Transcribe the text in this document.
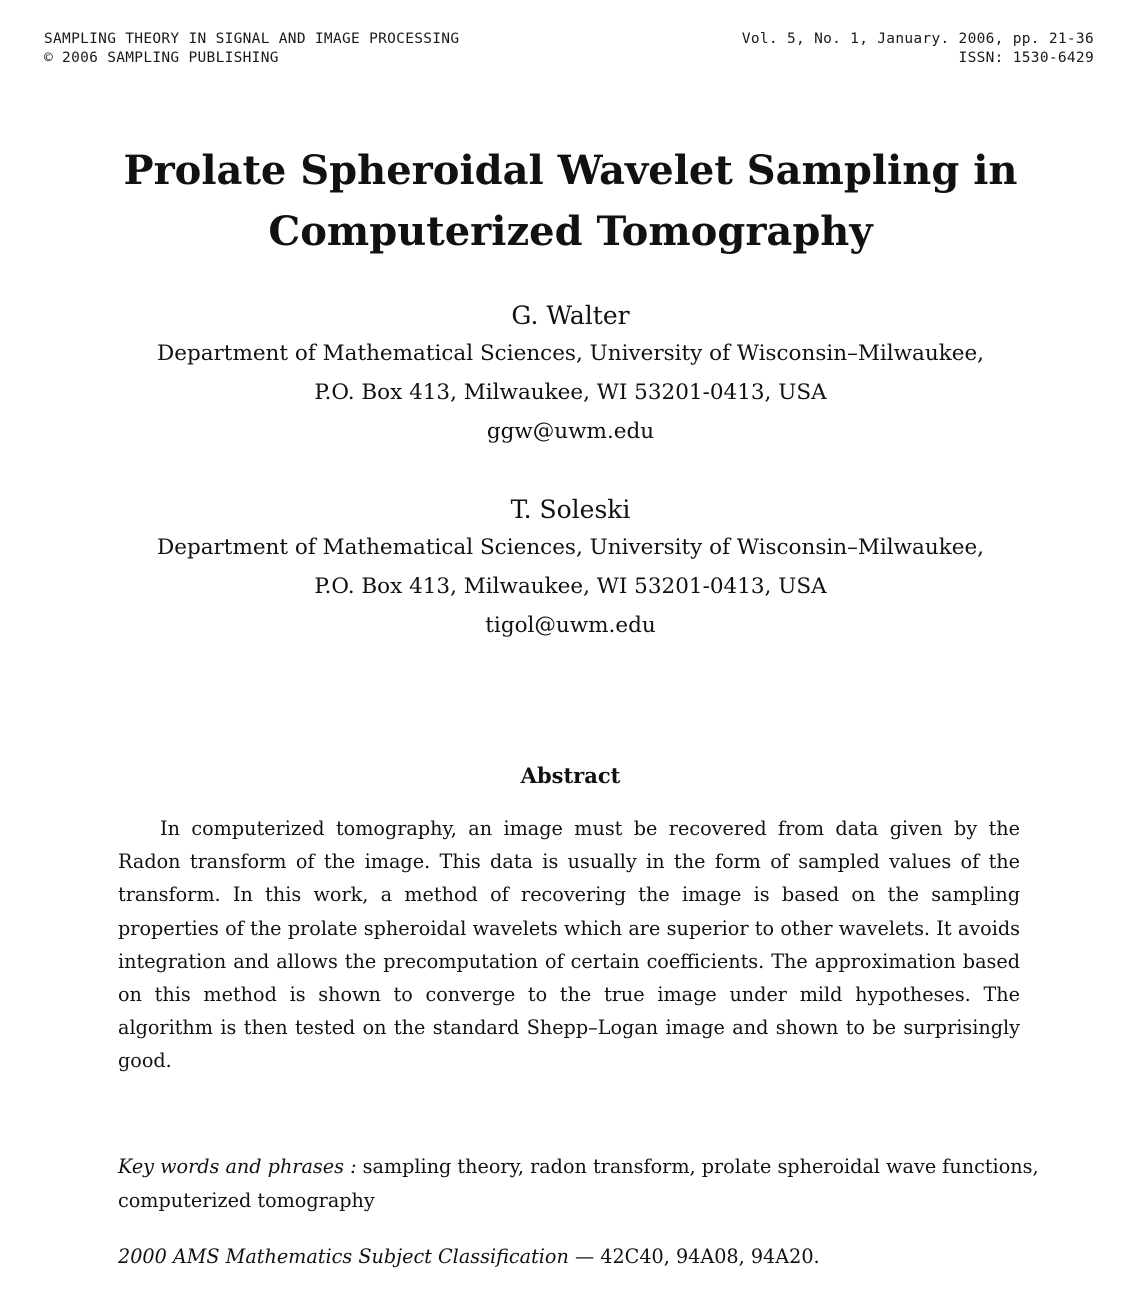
SAMPLING THEORY IN SIGNAL AND IMAGE PROCESSING	Vol. 5, No. 1, January. 2006, pp. 21-36
© 2006 SAMPLING PUBLISHING	ISSN: 1530-6429
Prolate Spheroidal Wavelet Sampling in
Computerized Tomography
G. Walter
Department of Mathematical Sciences, University of Wisconsin–Milwaukee,
P.O. Box 413, Milwaukee, WI 53201-0413, USA
ggw@uwm.edu
T. Soleski
Department of Mathematical Sciences, University of Wisconsin–Milwaukee,
P.O. Box 413, Milwaukee, WI 53201-0413, USA
tigol@uwm.edu
Abstract
In computerized tomography, an image must be recovered from data given by the Radon transform of the image. This data is usually in the form of sampled values of the transform. In this work, a method of recovering the image is based on the sampling properties of the prolate spheroidal wavelets which are superior to other wavelets. It avoids integration and allows the precomputation of certain coefficients. The approximation based on this method is shown to converge to the true image under mild hypotheses. The algorithm is then tested on the standard Shepp–Logan image and shown to be surprisingly good.
Key words and phrases : sampling theory, radon transform, prolate spheroidal wave functions, computerized tomography
2000 AMS Mathematics Subject Classification — 42C40, 94A08, 94A20.
